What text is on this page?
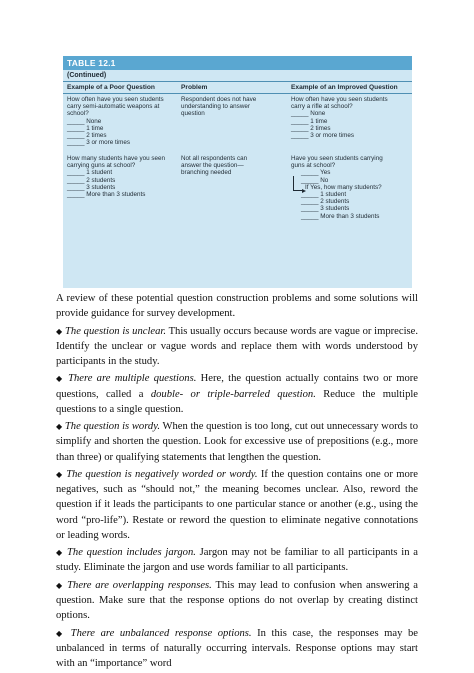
TABLE 12.1
(Continued)
Example of a Poor Question	Problem	Example of an Improved Question
How often have you seen students
carry semi-automatic weapons at
school?
_____ None
_____ 1 time
_____ 2 times
_____ 3 or more times
Respondent does not have
understanding to answer
question
How often have you seen students
carry a rifle at school?
_____ None
_____ 1 time
_____ 2 times
_____ 3 or more times
How many students have you seen
carrying guns at school?
_____ 1 student
_____ 2 students
_____ 3 students
_____ More than 3 students
Not all respondents can
answer the question—
branching needed
Have you seen students carrying
guns at school?
_____ Yes
_____ No
If Yes, how many students?
_____ 1 student
_____ 2 students
_____ 3 students
_____ More than 3 students

A review of these potential question construction problems and some solutions will provide guidance for survey development.

◆ The question is unclear. This usually occurs because words are vague or imprecise. Identify the unclear or vague words and replace them with words understood by participants in the study.

◆ There are multiple questions. Here, the question actually contains two or more questions, called a double- or triple-barreled question. Reduce the multiple questions to a single question.

◆ The question is wordy. When the question is too long, cut out unnecessary words to simplify and shorten the question. Look for excessive use of prepositions (e.g., more than three) or qualifying statements that lengthen the question.

◆ The question is negatively worded or wordy. If the question contains one or more negatives, such as “should not,” the meaning becomes unclear. Also, reword the question if it leads the participants to one particular stance or another (e.g., using the word “pro-life”). Restate or reword the question to eliminate negative connotations or leading words.

◆ The question includes jargon. Jargon may not be familiar to all participants in a study. Eliminate the jargon and use words familiar to all participants.

◆ There are overlapping responses. This may lead to confusion when answering a question. Make sure that the response options do not overlap by creating distinct options.

◆ There are unbalanced response options. In this case, the responses may be unbalanced in terms of naturally occurring intervals. Response options may start with an “importance” word
